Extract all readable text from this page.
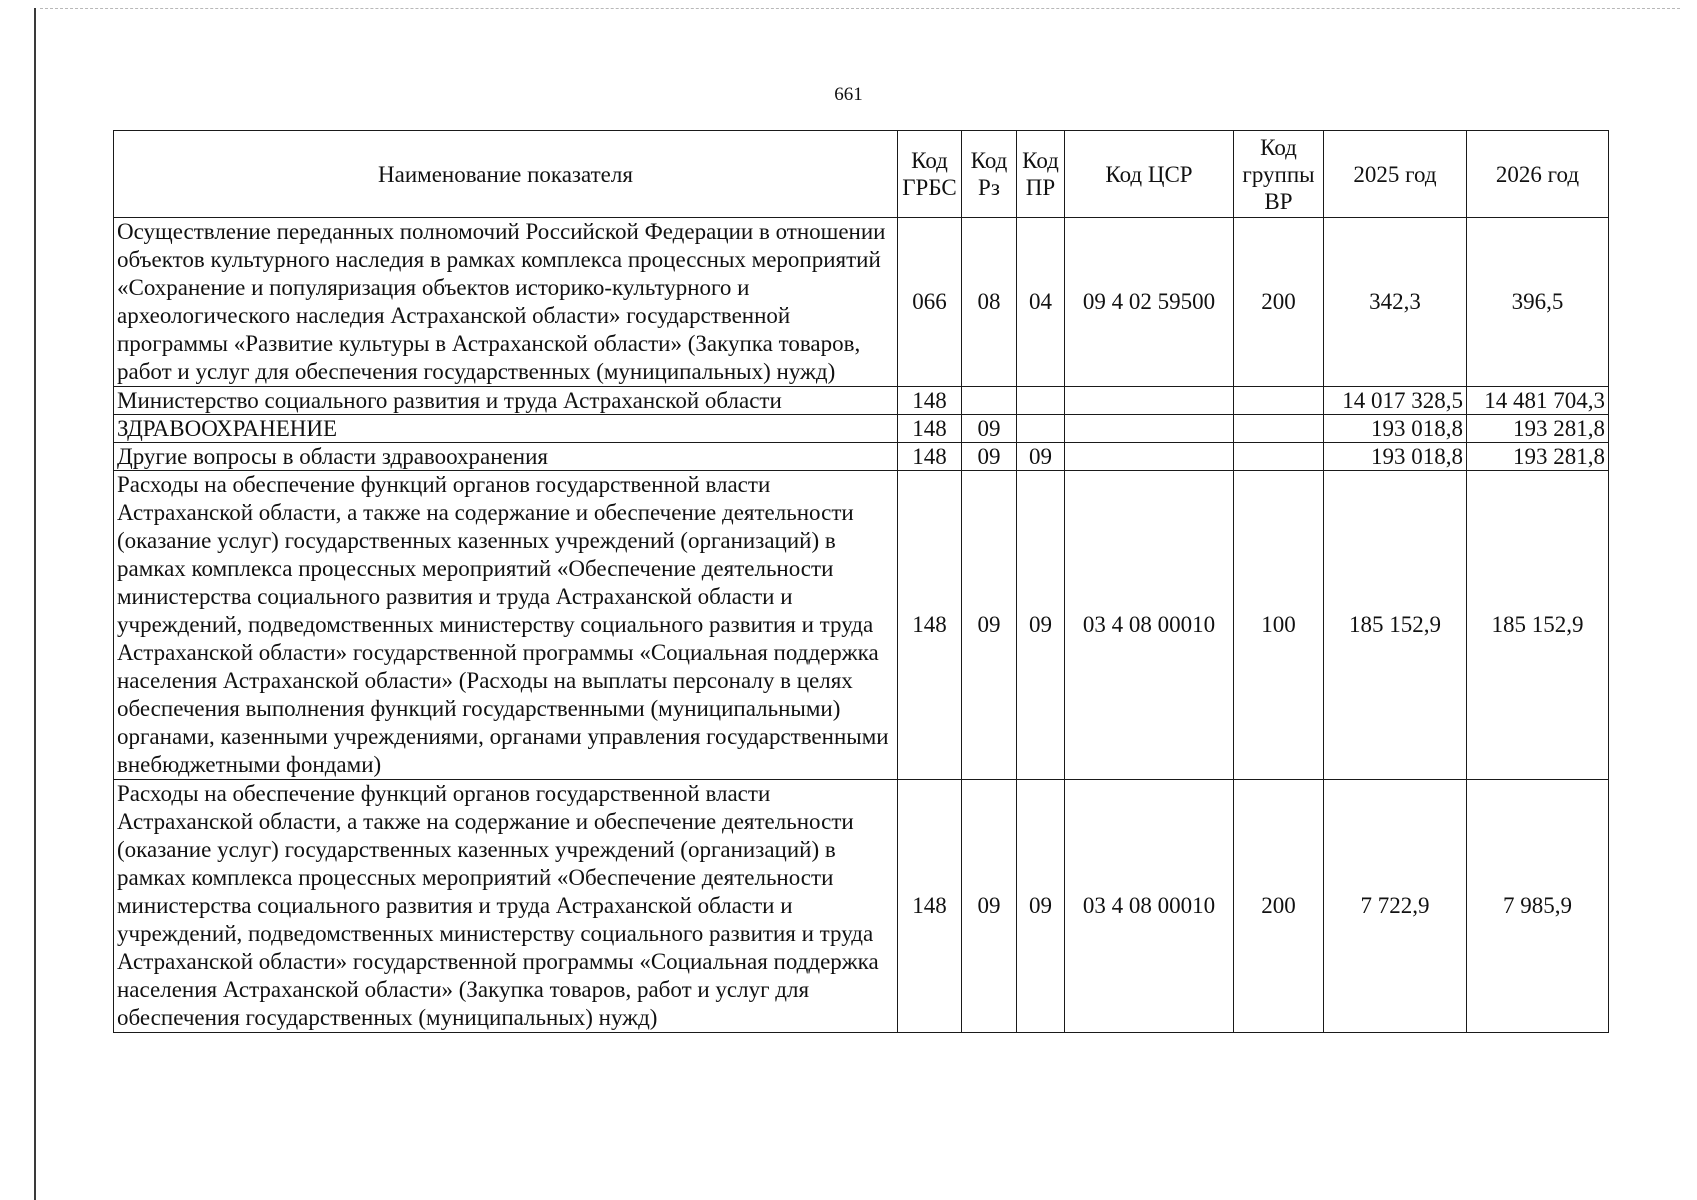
661
Наименование показателя	Код ГРБС	Код Рз	Код ПР	Код ЦСР	Код группы ВР	2025 год	2026 год
Осуществление переданных полномочий Российской Федерации в отношении объектов культурного наследия в рамках комплекса процессных мероприятий «Сохранение и популяризация объектов историко-культурного и археологического наследия Астраханской области» государственной программы «Развитие культуры в Астраханской области» (Закупка товаров, работ и услуг для обеспечения государственных (муниципальных) нужд)	066	08	04	09 4 02 59500	200	342,3	396,5
Министерство социального развития и труда Астраханской области	148					14 017 328,5	14 481 704,3
ЗДРАВООХРАНЕНИЕ	148	09				193 018,8	193 281,8
Другие вопросы в области здравоохранения	148	09	09			193 018,8	193 281,8
Расходы на обеспечение функций органов государственной власти Астраханской области, а также на содержание и обеспечение деятельности (оказание услуг) государственных казенных учреждений (организаций) в рамках комплекса процессных мероприятий «Обеспечение деятельности министерства социального развития и труда Астраханской области и учреждений, подведомственных министерству социального развития и труда Астраханской области» государственной программы «Социальная поддержка населения Астраханской области» (Расходы на выплаты персоналу в целях обеспечения выполнения функций государственными (муниципальными) органами, казенными учреждениями, органами управления государственными внебюджетными фондами)	148	09	09	03 4 08 00010	100	185 152,9	185 152,9
Расходы на обеспечение функций органов государственной власти Астраханской области, а также на содержание и обеспечение деятельности (оказание услуг) государственных казенных учреждений (организаций) в рамках комплекса процессных мероприятий «Обеспечение деятельности министерства социального развития и труда Астраханской области и учреждений, подведомственных министерству социального развития и труда Астраханской области» государственной программы «Социальная поддержка населения Астраханской области» (Закупка товаров, работ и услуг для обеспечения государственных (муниципальных) нужд)	148	09	09	03 4 08 00010	200	7 722,9	7 985,9
